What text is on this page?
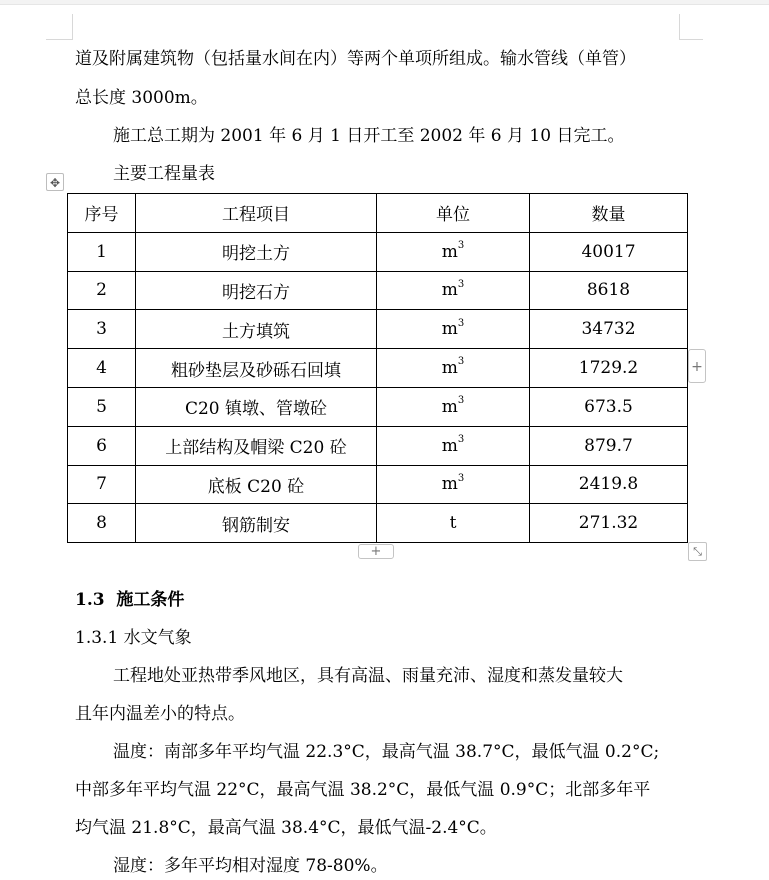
道及附属建筑物（包括量水间在内）等两个单项所组成。输水管线（单管）
总长度 3000m。
施工总工期为 2001 年 6 月 1 日开工至 2002 年 6 月 10 日完工。
主要工程量表
✥
序号	工程项目	单位	数量
1	明挖土方	$m^3$	40017
2	明挖石方	$m^3$	8618
3	土方填筑	$m^3$	34732
4	粗砂垫层及砂砾石回填	$m^3$	1729.2
5	C20 镇墩、管墩砼	$m^3$	673.5
6	上部结构及帽梁 C20 砼	$m^3$	879.7
7	底板 C20 砼	$m^3$	2419.8
8	钢筋制安	t	271.32
+
+	⤡
1.3 施工条件
1.3.1 水文气象
工程地处亚热带季风地区，具有高温、雨量充沛、湿度和蒸发量较大
且年内温差小的特点。
温度：南部多年平均气温 22.3°C，最高气温 38.7°C，最低气温 0.2°C;
中部多年平均气温 22°C，最高气温 38.2°C，最低气温 0.9°C；北部多年平
均气温 21.8°C，最高气温 38.4°C，最低气温-2.4°C。
湿度：多年平均相对湿度 78-80%。
